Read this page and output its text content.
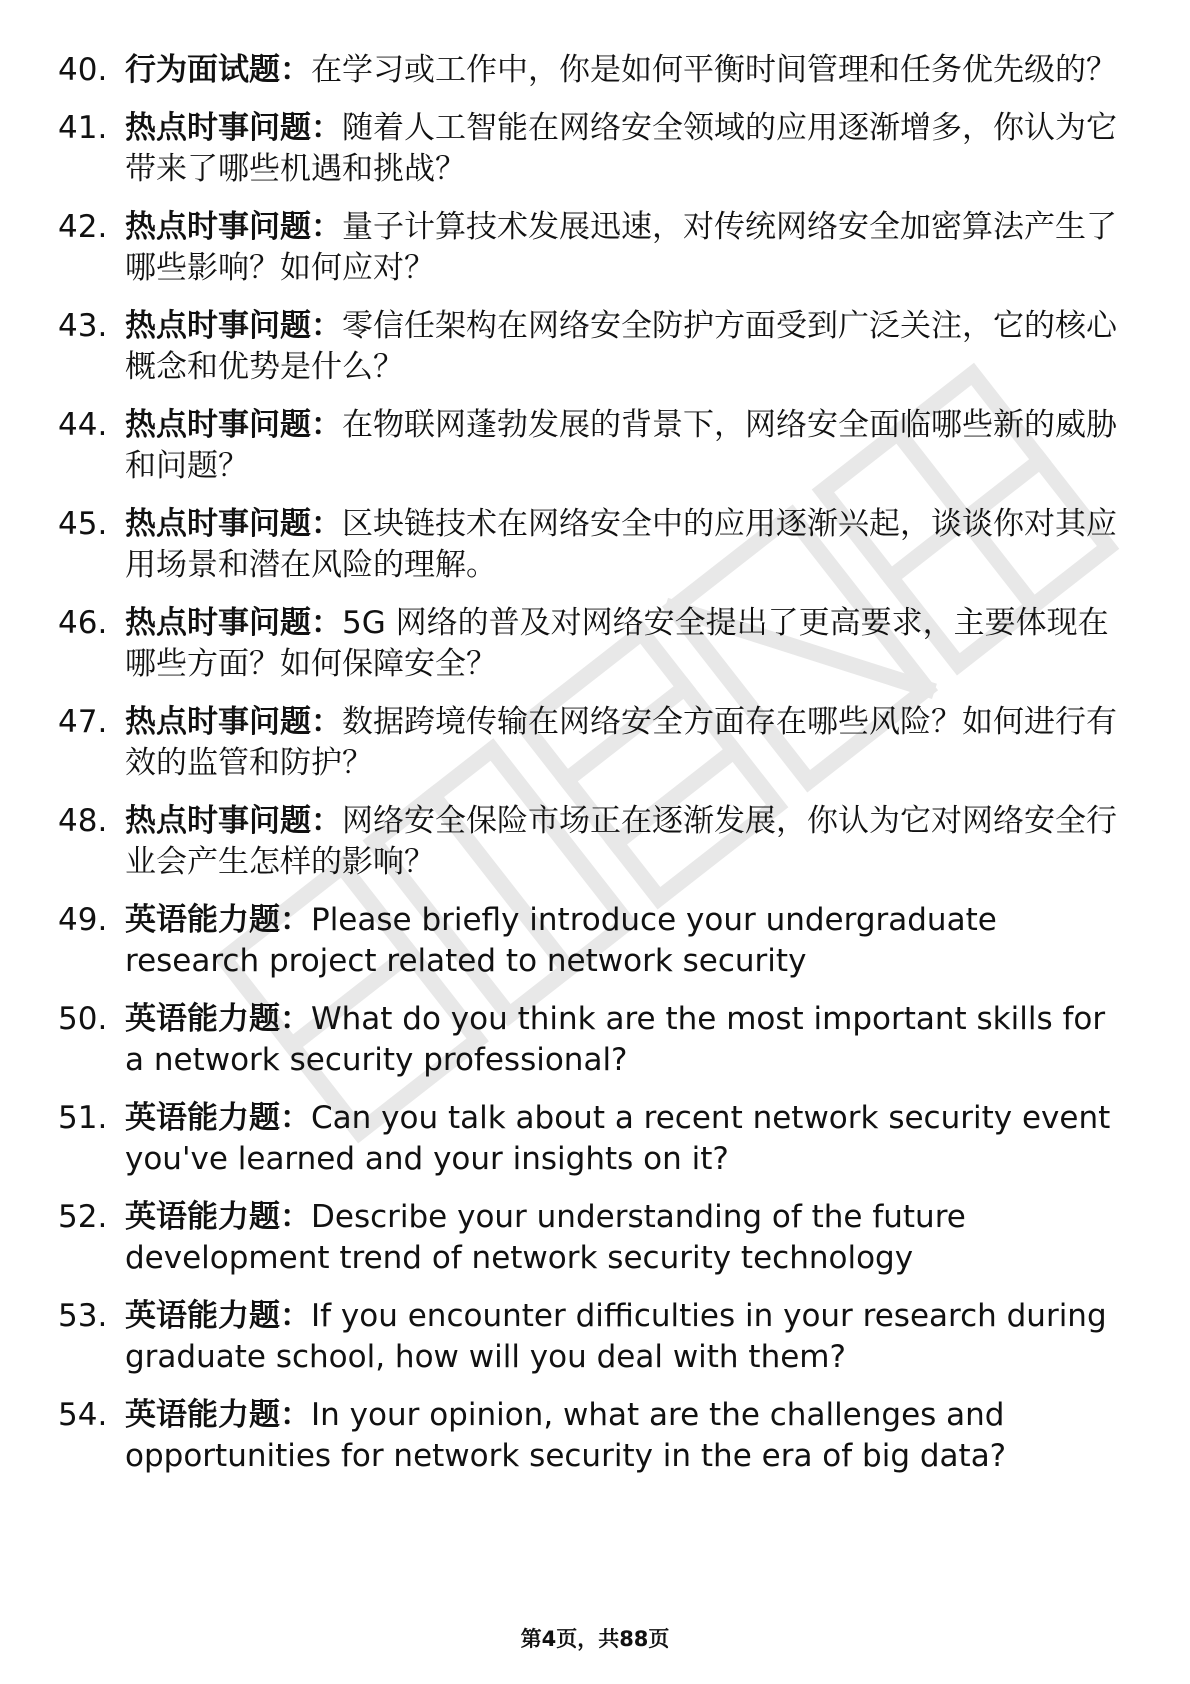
40. 行为面试题：在学习或工作中，你是如何平衡时间管理和任务优先级的？
41. 热点时事问题：随着人工智能在网络安全领域的应用逐渐增多，你认为它带来了哪些机遇和挑战？
42. 热点时事问题：量子计算技术发展迅速，对传统网络安全加密算法产生了哪些影响？如何应对？
43. 热点时事问题：零信任架构在网络安全防护方面受到广泛关注，它的核心概念和优势是什么？
44. 热点时事问题：在物联网蓬勃发展的背景下，网络安全面临哪些新的威胁和问题？
45. 热点时事问题：区块链技术在网络安全中的应用逐渐兴起，谈谈你对其应用场景和潜在风险的理解。
46. 热点时事问题：5G 网络的普及对网络安全提出了更高要求，主要体现在哪些方面？如何保障安全？
47. 热点时事问题：数据跨境传输在网络安全方面存在哪些风险？如何进行有效的监管和防护？
48. 热点时事问题：网络安全保险市场正在逐渐发展，你认为它对网络安全行业会产生怎样的影响？
49. 英语能力题：Please briefly introduce your undergraduate research project related to network security
50. 英语能力题：What do you think are the most important skills for a network security professional?
51. 英语能力题：Can you talk about a recent network security event you've learned and your insights on it?
52. 英语能力题：Describe your understanding of the future development trend of network security technology
53. 英语能力题：If you encounter difficulties in your research during graduate school, how will you deal with them?
54. 英语能力题：In your opinion, what are the challenges and opportunities for network security in the era of big data?
第4页，共88页
